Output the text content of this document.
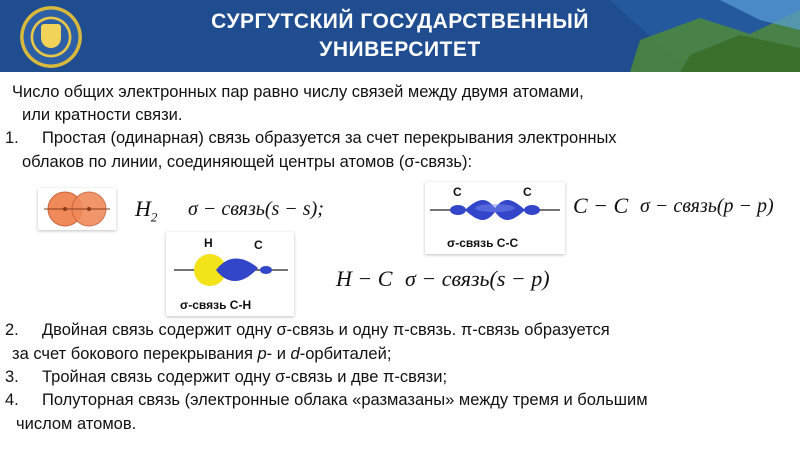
СУРГУТСКИЙ ГОСУДАРСТВЕННЫЙ
УНИВЕРСИТЕТ
Число общих электронных пар равно числу связей между двумя атомами,
или кратности связи.
1. Простая (одинарная) связь образуется за счет перекрывания электронных
облаков по линии, соединяющей центры атомов (σ-связь):
$H_2$ σ − связь(s − s);
C	C
σ-связь С-С
C − C σ − связь(p − p)
H	C
σ-связь С-Н
H − C σ − связь(s − p)
2. Двойная связь содержит одну σ-связь и одну π-связь. π-связь образуется
за счет бокового перекрывания p- и d-орбиталей;
3. Тройная связь содержит одну σ-связь и две π-связи;
4. Полуторная связь (электронные облака «размазаны» между тремя и большим
числом атомов.
